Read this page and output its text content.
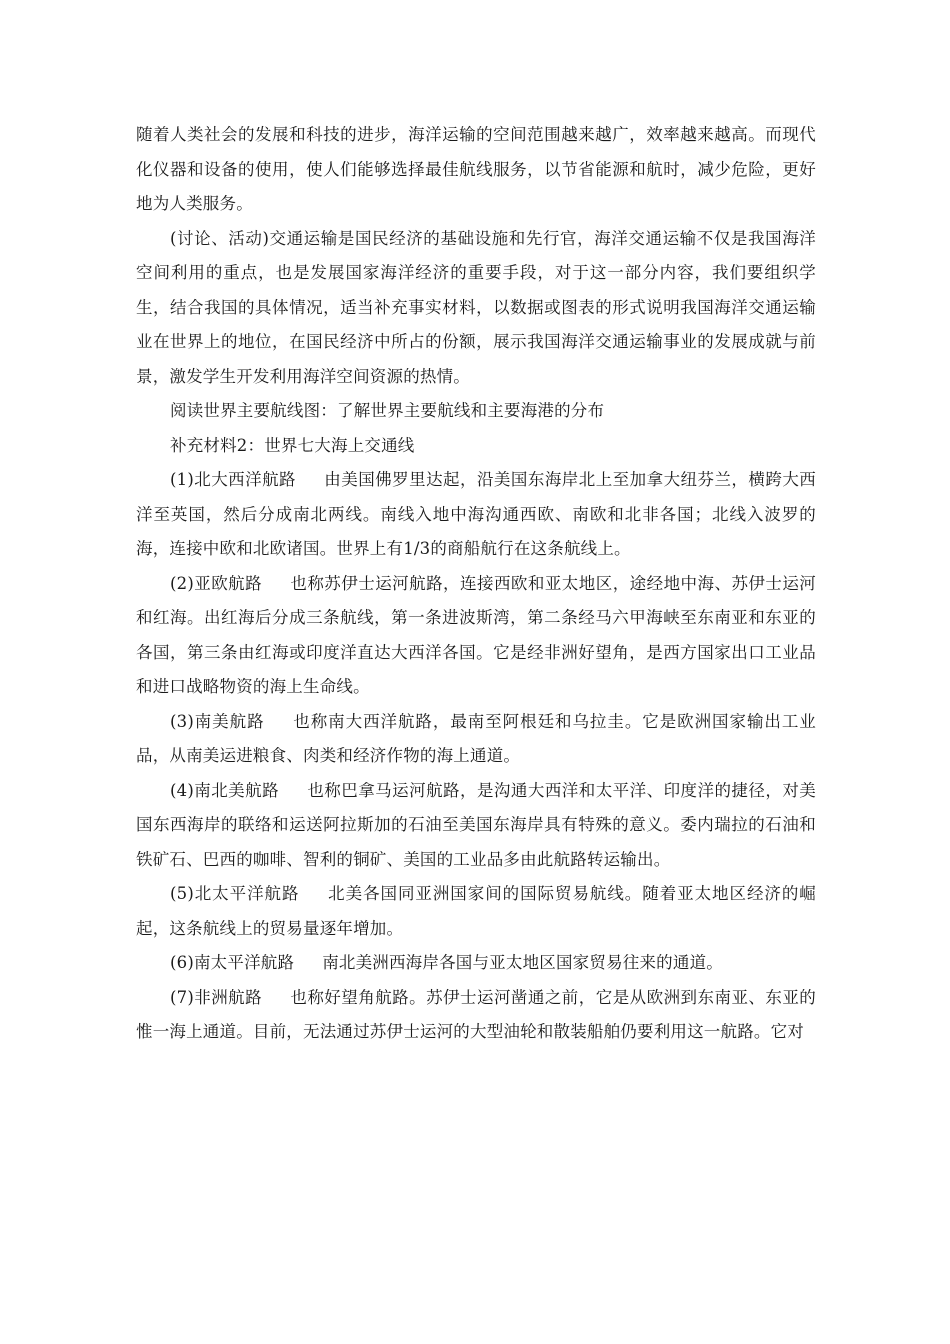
随着人类社会的发展和科技的进步，海洋运输的空间范围越来越广，效率越来越高。而现代化仪器和设备的使用，使人们能够选择最佳航线服务，以节省能源和航时，减少危险，更好地为人类服务。

(讨论、活动)交通运输是国民经济的基础设施和先行官，海洋交通运输不仅是我国海洋空间利用的重点，也是发展国家海洋经济的重要手段，对于这一部分内容，我们要组织学生，结合我国的具体情况，适当补充事实材料，以数据或图表的形式说明我国海洋交通运输业在世界上的地位，在国民经济中所占的份额，展示我国海洋交通运输事业的发展成就与前景，激发学生开发利用海洋空间资源的热情。

阅读世界主要航线图：了解世界主要航线和主要海港的分布

补充材料2：世界七大海上交通线

(1)北大西洋航路 由美国佛罗里达起，沿美国东海岸北上至加拿大纽芬兰，横跨大西洋至英国，然后分成南北两线。南线入地中海沟通西欧、南欧和北非各国；北线入波罗的海，连接中欧和北欧诸国。世界上有1/3的商船航行在这条航线上。

(2)亚欧航路 也称苏伊士运河航路，连接西欧和亚太地区，途经地中海、苏伊士运河和红海。出红海后分成三条航线，第一条进波斯湾，第二条经马六甲海峡至东南亚和东亚的各国，第三条由红海或印度洋直达大西洋各国。它是经非洲好望角，是西方国家出口工业品和进口战略物资的海上生命线。

(3)南美航路 也称南大西洋航路，最南至阿根廷和乌拉圭。它是欧洲国家输出工业品，从南美运进粮食、肉类和经济作物的海上通道。

(4)南北美航路 也称巴拿马运河航路，是沟通大西洋和太平洋、印度洋的捷径，对美国东西海岸的联络和运送阿拉斯加的石油至美国东海岸具有特殊的意义。委内瑞拉的石油和铁矿石、巴西的咖啡、智利的铜矿、美国的工业品多由此航路转运输出。

(5)北太平洋航路 北美各国同亚洲国家间的国际贸易航线。随着亚太地区经济的崛起，这条航线上的贸易量逐年增加。

(6)南太平洋航路 南北美洲西海岸各国与亚太地区国家贸易往来的通道。

(7)非洲航路 也称好望角航路。苏伊士运河凿通之前，它是从欧洲到东南亚、东亚的惟一海上通道。目前，无法通过苏伊士运河的大型油轮和散装船舶仍要利用这一航路。它对
